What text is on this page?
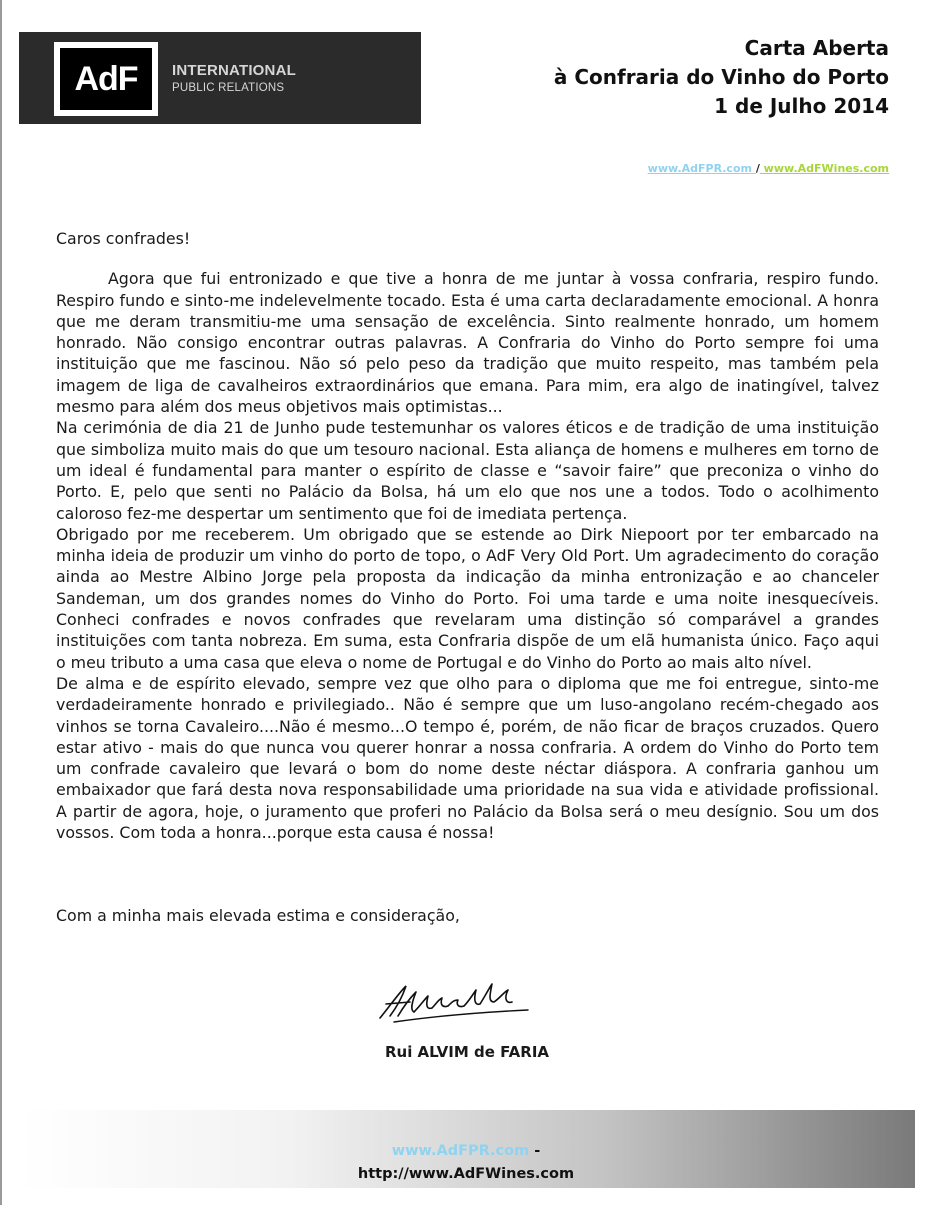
AdF	INTERNATIONAL
PUBLIC RELATIONS
Carta Aberta
à Confraria do Vinho do Porto
1 de Julho 2014
www.AdFPR.com / www.AdFWines.com

Caros confrades!

Agora que fui entronizado e que tive a honra de me juntar à vossa confraria, respiro fundo. Respiro fundo e sinto-me indelevelmente tocado. Esta é uma carta declaradamente emocional. A honra que me deram transmitiu-me uma sensação de excelência. Sinto realmente honrado, um homem honrado. Não consigo encontrar outras palavras. A Confraria do Vinho do Porto sempre foi uma instituição que me fascinou. Não só pelo peso da tradição que muito respeito, mas também pela imagem de liga de cavalheiros extraordinários que emana. Para mim, era algo de inatingível, talvez mesmo para além dos meus objetivos mais optimistas...

Na cerimónia de dia 21 de Junho pude testemunhar os valores éticos e de tradição de uma instituição que simboliza muito mais do que um tesouro nacional. Esta aliança de homens e mulheres em torno de um ideal é fundamental para manter o espírito de classe e “savoir faire” que preconiza o vinho do Porto. E, pelo que senti no Palácio da Bolsa, há um elo que nos une a todos. Todo o acolhimento caloroso fez-me despertar um sentimento que foi de imediata pertença.

Obrigado por me receberem. Um obrigado que se estende ao Dirk Niepoort por ter embarcado na minha ideia de produzir um vinho do porto de topo, o AdF Very Old Port. Um agradecimento do coração ainda ao Mestre Albino Jorge pela proposta da indicação da minha entronização e ao chanceler Sandeman, um dos grandes nomes do Vinho do Porto. Foi uma tarde e uma noite inesquecíveis. Conheci confrades e novos confrades que revelaram uma distinção só comparável a grandes instituições com tanta nobreza. Em suma, esta Confraria dispõe de um elã humanista único. Faço aqui o meu tributo a uma casa que eleva o nome de Portugal e do Vinho do Porto ao mais alto nível.

De alma e de espírito elevado, sempre vez que olho para o diploma que me foi entregue, sinto-me verdadeiramente honrado e privilegiado.. Não é sempre que um luso-angolano recém-chegado aos vinhos se torna Cavaleiro....Não é mesmo...O tempo é, porém, de não ficar de braços cruzados. Quero estar ativo - mais do que nunca vou querer honrar a nossa confraria. A ordem do Vinho do Porto tem um confrade cavaleiro que levará o bom do nome deste néctar diáspora. A confraria ganhou um embaixador que fará desta nova responsabilidade uma prioridade na sua vida e atividade profissional. A partir de agora, hoje, o juramento que proferi no Palácio da Bolsa será o meu desígnio. Sou um dos vossos. Com toda a honra...porque esta causa é nossa!

Com a minha mais elevada estima e consideração,
Rui ALVIM de FARIA
www.AdFPR.com -
http://www.AdFWines.com
